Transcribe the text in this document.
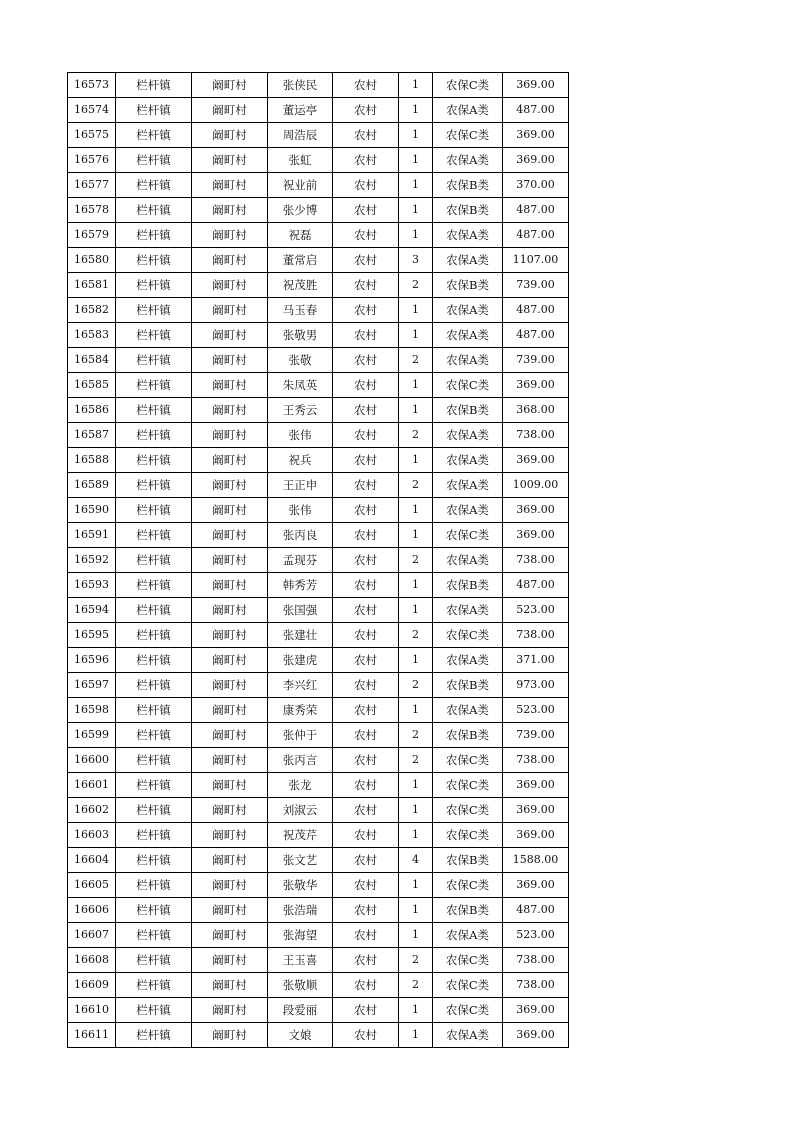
16573	栏杆镇	阚町村	张侠民	农村	1	农保C类	369.00
16574	栏杆镇	阚町村	董运亭	农村	1	农保A类	487.00
16575	栏杆镇	阚町村	周浩辰	农村	1	农保C类	369.00
16576	栏杆镇	阚町村	张虹	农村	1	农保A类	369.00
16577	栏杆镇	阚町村	祝业前	农村	1	农保B类	370.00
16578	栏杆镇	阚町村	张少博	农村	1	农保B类	487.00
16579	栏杆镇	阚町村	祝磊	农村	1	农保A类	487.00
16580	栏杆镇	阚町村	董常启	农村	3	农保A类	1107.00
16581	栏杆镇	阚町村	祝茂胜	农村	2	农保B类	739.00
16582	栏杆镇	阚町村	马玉春	农村	1	农保A类	487.00
16583	栏杆镇	阚町村	张敬男	农村	1	农保A类	487.00
16584	栏杆镇	阚町村	张敬	农村	2	农保A类	739.00
16585	栏杆镇	阚町村	朱凤英	农村	1	农保C类	369.00
16586	栏杆镇	阚町村	王秀云	农村	1	农保B类	368.00
16587	栏杆镇	阚町村	张伟	农村	2	农保A类	738.00
16588	栏杆镇	阚町村	祝兵	农村	1	农保A类	369.00
16589	栏杆镇	阚町村	王正申	农村	2	农保A类	1009.00
16590	栏杆镇	阚町村	张伟	农村	1	农保A类	369.00
16591	栏杆镇	阚町村	张丙良	农村	1	农保C类	369.00
16592	栏杆镇	阚町村	孟现芬	农村	2	农保A类	738.00
16593	栏杆镇	阚町村	韩秀芳	农村	1	农保B类	487.00
16594	栏杆镇	阚町村	张国强	农村	1	农保A类	523.00
16595	栏杆镇	阚町村	张建壮	农村	2	农保C类	738.00
16596	栏杆镇	阚町村	张建虎	农村	1	农保A类	371.00
16597	栏杆镇	阚町村	李兴红	农村	2	农保B类	973.00
16598	栏杆镇	阚町村	康秀荣	农村	1	农保A类	523.00
16599	栏杆镇	阚町村	张仲于	农村	2	农保B类	739.00
16600	栏杆镇	阚町村	张丙言	农村	2	农保C类	738.00
16601	栏杆镇	阚町村	张龙	农村	1	农保C类	369.00
16602	栏杆镇	阚町村	刘淑云	农村	1	农保C类	369.00
16603	栏杆镇	阚町村	祝茂芹	农村	1	农保C类	369.00
16604	栏杆镇	阚町村	张文艺	农村	4	农保B类	1588.00
16605	栏杆镇	阚町村	张敬华	农村	1	农保C类	369.00
16606	栏杆镇	阚町村	张浩瑞	农村	1	农保B类	487.00
16607	栏杆镇	阚町村	张海望	农村	1	农保A类	523.00
16608	栏杆镇	阚町村	王玉喜	农村	2	农保C类	738.00
16609	栏杆镇	阚町村	张敬顺	农村	2	农保C类	738.00
16610	栏杆镇	阚町村	段爱丽	农村	1	农保C类	369.00
16611	栏杆镇	阚町村	文娘	农村	1	农保A类	369.00
